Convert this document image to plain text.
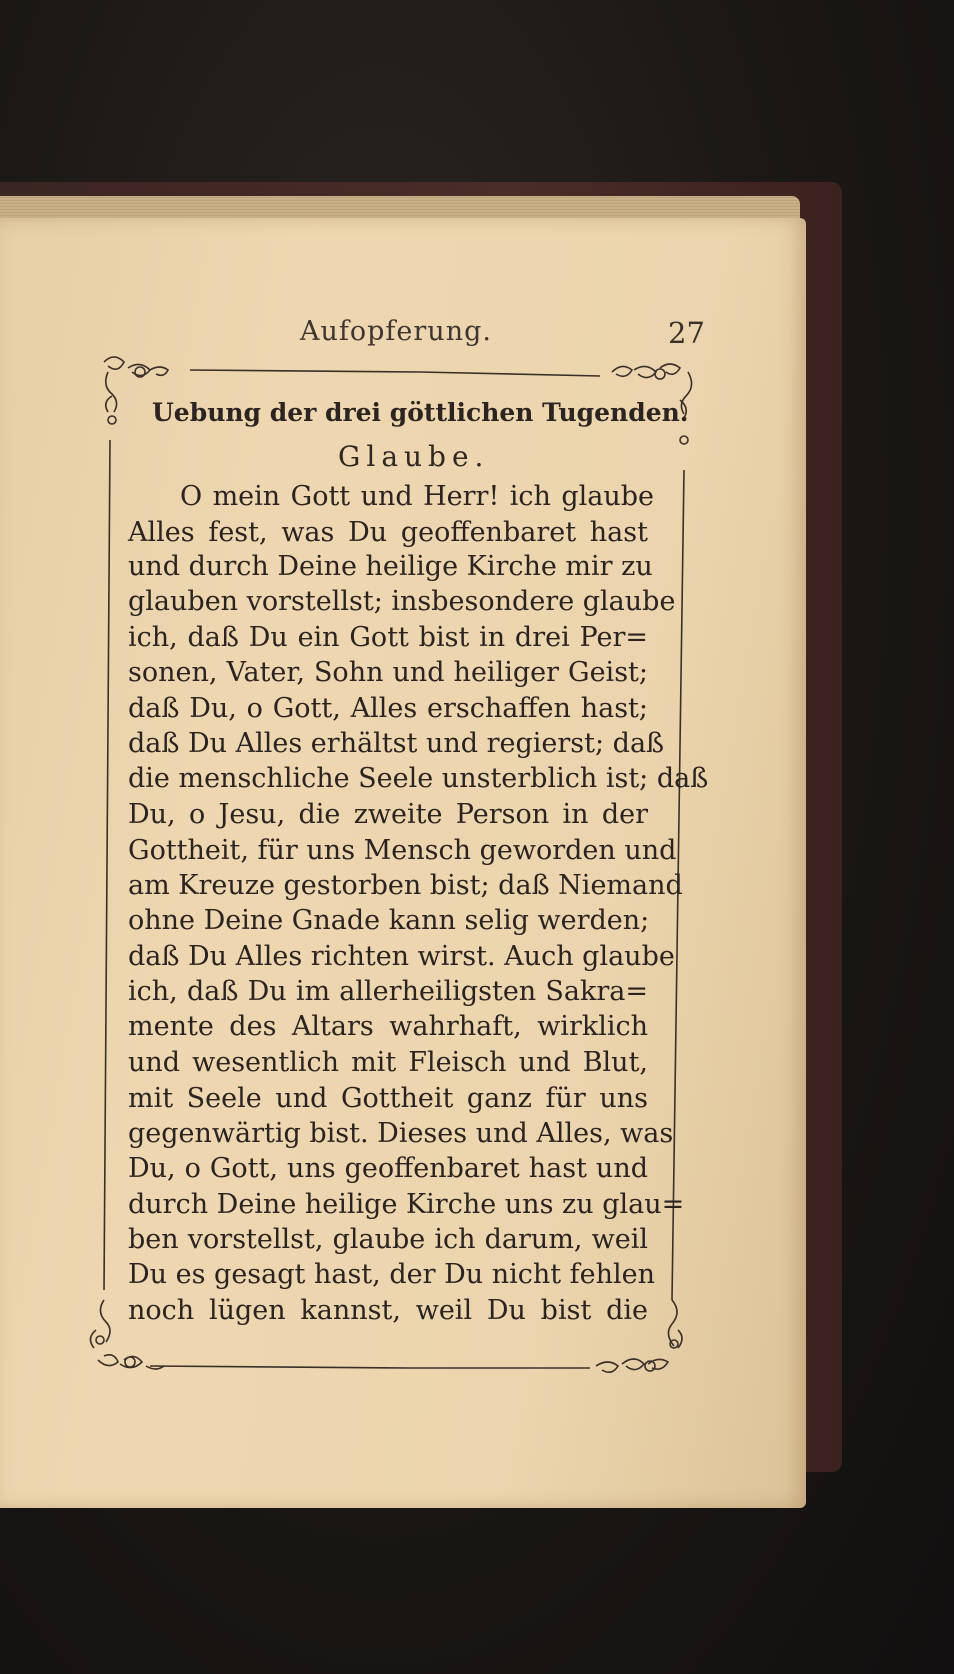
Aufopferung.	27
Uebung der drei göttlichen Tugenden.
Glaube.
O mein Gott und Herr! ich glaube
Alles fest, was Du geoffenbaret hast
und durch Deine heilige Kirche mir zu
glauben vorstellst; insbesondere glaube
ich, daß Du ein Gott bist in drei Per=
sonen, Vater, Sohn und heiliger Geist;
daß Du, o Gott, Alles erschaffen hast;
daß Du Alles erhältst und regierst; daß
die menschliche Seele unsterblich ist; daß
Du, o Jesu, die zweite Person in der
Gottheit, für uns Mensch geworden und
am Kreuze gestorben bist; daß Niemand
ohne Deine Gnade kann selig werden;
daß Du Alles richten wirst. Auch glaube
ich, daß Du im allerheiligsten Sakra=
mente des Altars wahrhaft, wirklich
und wesentlich mit Fleisch und Blut,
mit Seele und Gottheit ganz für uns
gegenwärtig bist. Dieses und Alles, was
Du, o Gott, uns geoffenbaret hast und
durch Deine heilige Kirche uns zu glau=
ben vorstellst, glaube ich darum, weil
Du es gesagt hast, der Du nicht fehlen
noch lügen kannst, weil Du bist die
